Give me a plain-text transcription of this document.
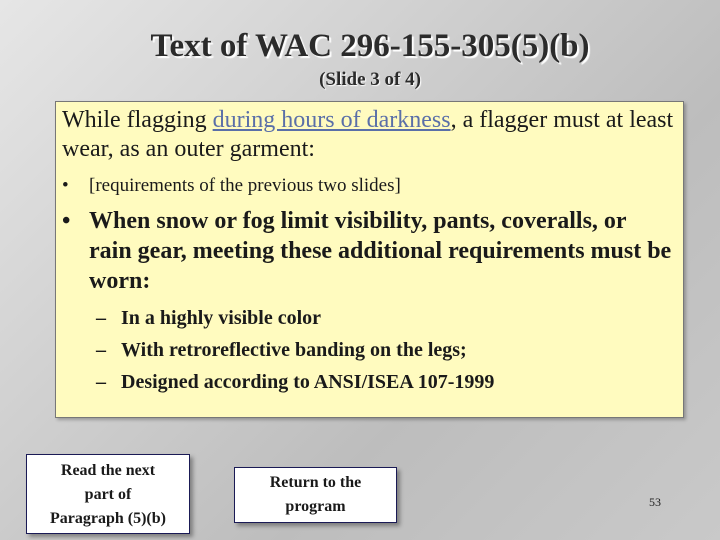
Text of WAC 296-155-305(5)(b)
(Slide 3 of 4)
While flagging during hours of darkness, a flagger must at least wear, as an outer garment:
• [requirements of the previous two slides]
• When snow or fog limit visibility, pants, coveralls, or rain gear, meeting these additional requirements must be worn:
– In a highly visible color
– With retroreflective banding on the legs;
– Designed according to ANSI/ISEA 107-1999
Read the next
part of
Paragraph (5)(b)
Return to the
program	53
